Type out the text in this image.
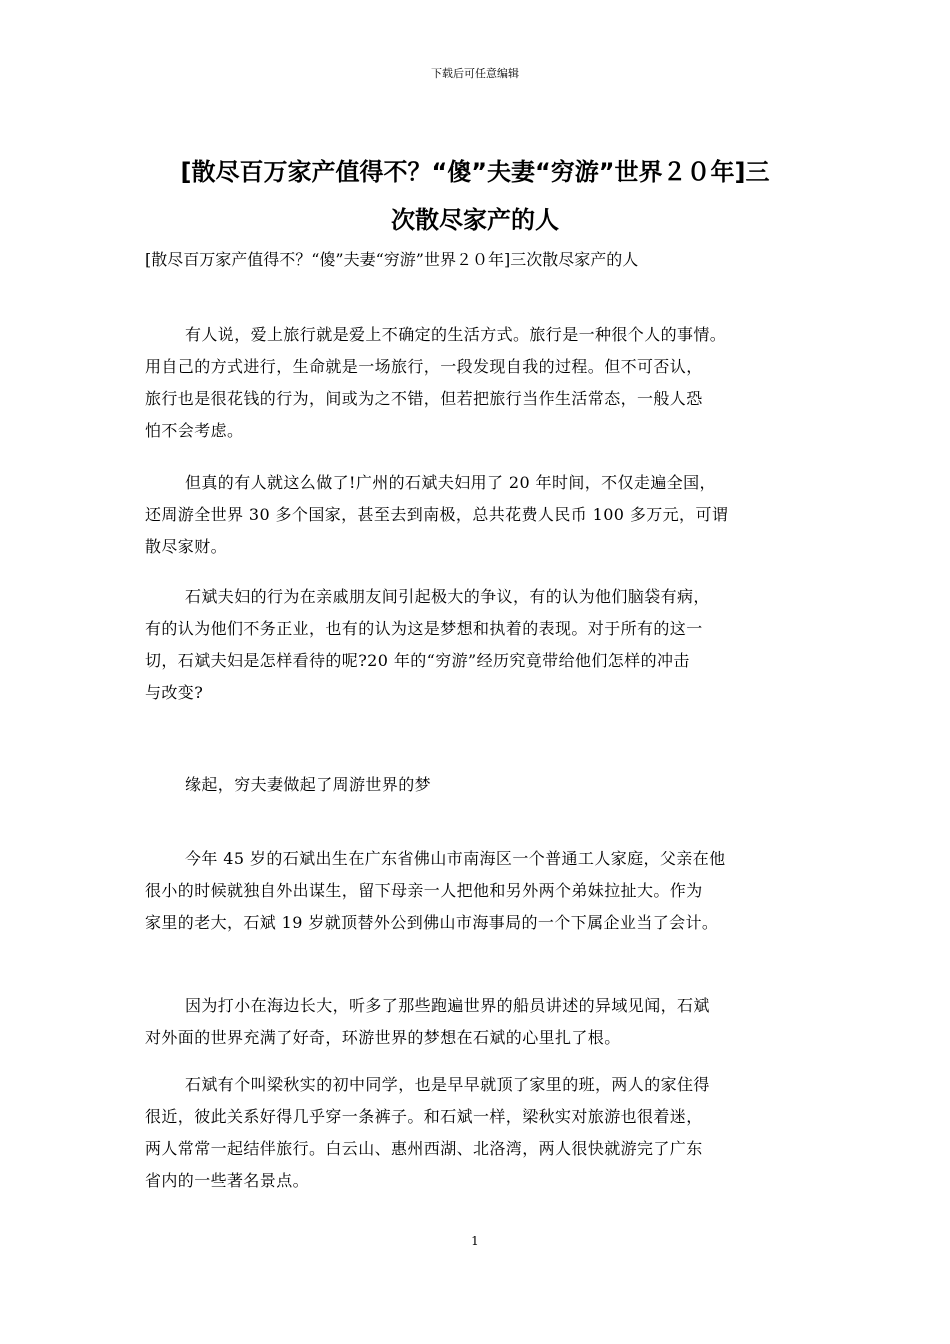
下载后可任意编辑
[散尽百万家产值得不？“傻”夫妻“穷游”世界２０年]三
次散尽家产的人
[散尽百万家产值得不？“傻”夫妻“穷游”世界２０年]三次散尽家产的人
有人说，爱上旅行就是爱上不确定的生活方式。旅行是一种很个人的事情。
用自己的方式进行，生命就是一场旅行，一段发现自我的过程。但不可否认，
旅行也是很花钱的行为，间或为之不错，但若把旅行当作生活常态，一般人恐
怕不会考虑。
但真的有人就这么做了!广州的石斌夫妇用了 20 年时间，不仅走遍全国，
还周游全世界 30 多个国家，甚至去到南极，总共花费人民币 100 多万元，可谓
散尽家财。
石斌夫妇的行为在亲戚朋友间引起极大的争议，有的认为他们脑袋有病，
有的认为他们不务正业，也有的认为这是梦想和执着的表现。对于所有的这一
切，石斌夫妇是怎样看待的呢?20 年的“穷游”经历究竟带给他们怎样的冲击
与改变?
缘起，穷夫妻做起了周游世界的梦
今年 45 岁的石斌出生在广东省佛山市南海区一个普通工人家庭，父亲在他
很小的时候就独自外出谋生，留下母亲一人把他和另外两个弟妹拉扯大。作为
家里的老大，石斌 19 岁就顶替外公到佛山市海事局的一个下属企业当了会计。
因为打小在海边长大，听多了那些跑遍世界的船员讲述的异域见闻，石斌
对外面的世界充满了好奇，环游世界的梦想在石斌的心里扎了根。
石斌有个叫梁秋实的初中同学，也是早早就顶了家里的班，两人的家住得
很近，彼此关系好得几乎穿一条裤子。和石斌一样，梁秋实对旅游也很着迷，
两人常常一起结伴旅行。白云山、惠州西湖、北洛湾，两人很快就游完了广东
省内的一些著名景点。
1
